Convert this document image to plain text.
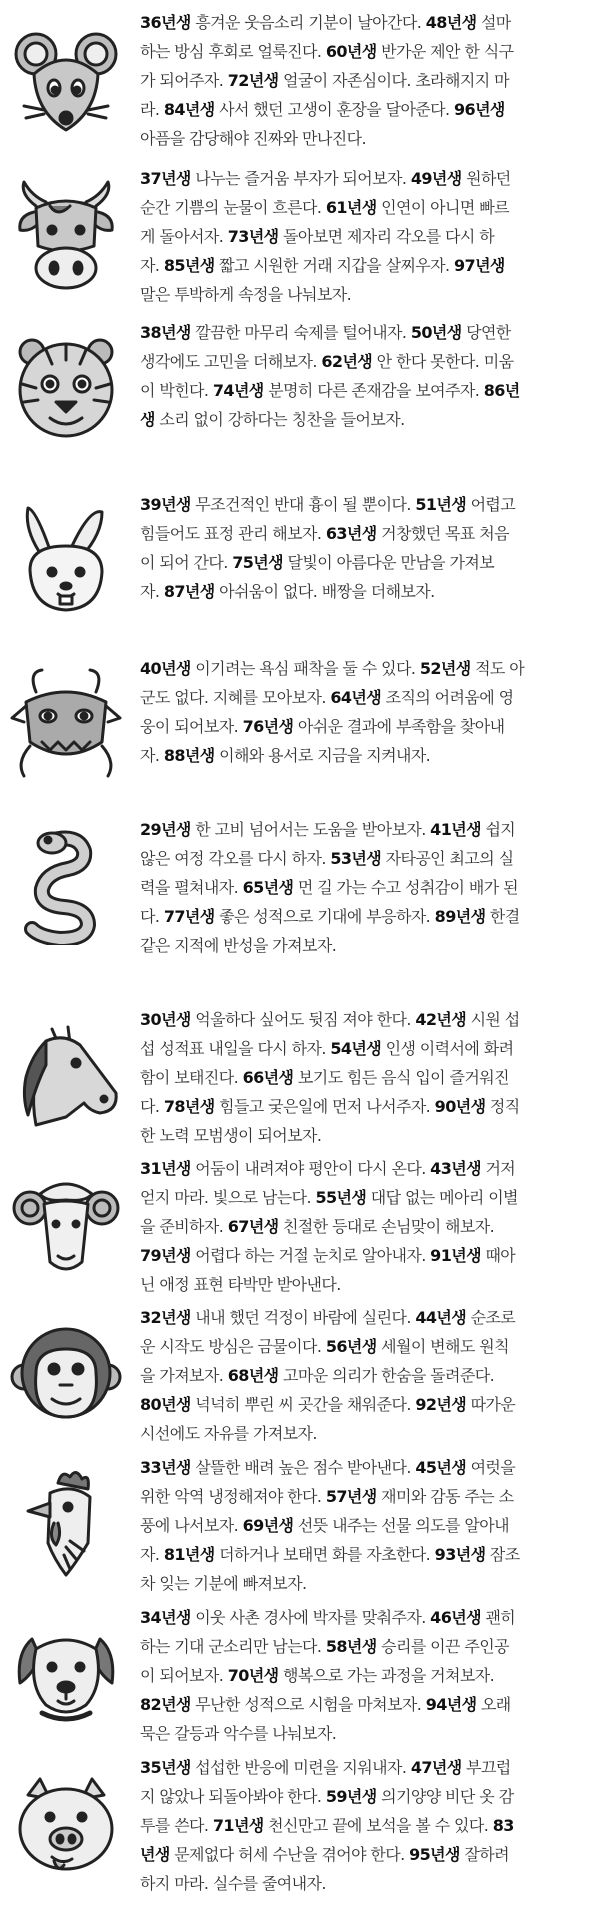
36년생 흥겨운 웃음소리 기분이 날아간다. 48년생 설마
하는 방심 후회로 얼룩진다. 60년생 반가운 제안 한 식구
가 되어주자. 72년생 얼굴이 자존심이다. 초라해지지 마
라. 84년생 사서 했던 고생이 훈장을 달아준다. 96년생
아픔을 감당해야 진짜와 만나진다.
37년생 나누는 즐거움 부자가 되어보자. 49년생 원하던
순간 기쁨의 눈물이 흐른다. 61년생 인연이 아니면 빠르
게 돌아서자. 73년생 돌아보면 제자리 각오를 다시 하
자. 85년생 짧고 시원한 거래 지갑을 살찌우자. 97년생
말은 투박하게 속정을 나눠보자.
38년생 깔끔한 마무리 숙제를 털어내자. 50년생 당연한
생각에도 고민을 더해보자. 62년생 안 한다 못한다. 미움
이 박힌다. 74년생 분명히 다른 존재감을 보여주자. 86년
생 소리 없이 강하다는 칭찬을 들어보자.
39년생 무조건적인 반대 흉이 될 뿐이다. 51년생 어렵고
힘들어도 표정 관리 해보자. 63년생 거창했던 목표 처음
이 되어 간다. 75년생 달빛이 아름다운 만남을 가져보
자. 87년생 아쉬움이 없다. 배짱을 더해보자.
40년생 이기려는 욕심 패착을 둘 수 있다. 52년생 적도 아
군도 없다. 지혜를 모아보자. 64년생 조직의 어려움에 영
웅이 되어보자. 76년생 아쉬운 결과에 부족함을 찾아내
자. 88년생 이해와 용서로 지금을 지켜내자.
29년생 한 고비 넘어서는 도움을 받아보자. 41년생 쉽지
않은 여정 각오를 다시 하자. 53년생 자타공인 최고의 실
력을 펼쳐내자. 65년생 먼 길 가는 수고 성취감이 배가 된
다. 77년생 좋은 성적으로 기대에 부응하자. 89년생 한결
같은 지적에 반성을 가져보자.
30년생 억울하다 싶어도 뒷짐 져야 한다. 42년생 시원 섭
섭 성적표 내일을 다시 하자. 54년생 인생 이력서에 화려
함이 보태진다. 66년생 보기도 힘든 음식 입이 즐거워진
다. 78년생 힘들고 궂은일에 먼저 나서주자. 90년생 정직
한 노력 모범생이 되어보자.
31년생 어둠이 내려져야 평안이 다시 온다. 43년생 거저
얻지 마라. 빛으로 남는다. 55년생 대답 없는 메아리 이별
을 준비하자. 67년생 친절한 등대로 손님맞이 해보자.
79년생 어렵다 하는 거절 눈치로 알아내자. 91년생 때아
닌 애정 표현 타박만 받아낸다.
32년생 내내 했던 걱정이 바람에 실린다. 44년생 순조로
운 시작도 방심은 금물이다. 56년생 세월이 변해도 원칙
을 가져보자. 68년생 고마운 의리가 한숨을 돌려준다.
80년생 넉넉히 뿌린 씨 곳간을 채워준다. 92년생 따가운
시선에도 자유를 가져보자.
33년생 살뜰한 배려 높은 점수 받아낸다. 45년생 여럿을
위한 악역 냉정해져야 한다. 57년생 재미와 감동 주는 소
풍에 나서보자. 69년생 선뜻 내주는 선물 의도를 알아내
자. 81년생 더하거나 보태면 화를 자초한다. 93년생 잠조
차 잊는 기분에 빠져보자.
34년생 이웃 사촌 경사에 박자를 맞춰주자. 46년생 괜히
하는 기대 군소리만 남는다. 58년생 승리를 이끈 주인공
이 되어보자. 70년생 행복으로 가는 과정을 거쳐보자.
82년생 무난한 성적으로 시험을 마쳐보자. 94년생 오래
묵은 갈등과 악수를 나눠보자.
35년생 섭섭한 반응에 미련을 지워내자. 47년생 부끄럽
지 않았나 되돌아봐야 한다. 59년생 의기양양 비단 옷 감
투를 쓴다. 71년생 천신만고 끝에 보석을 볼 수 있다. 83
년생 문제없다 허세 수난을 겪어야 한다. 95년생 잘하려
하지 마라. 실수를 줄여내자.
